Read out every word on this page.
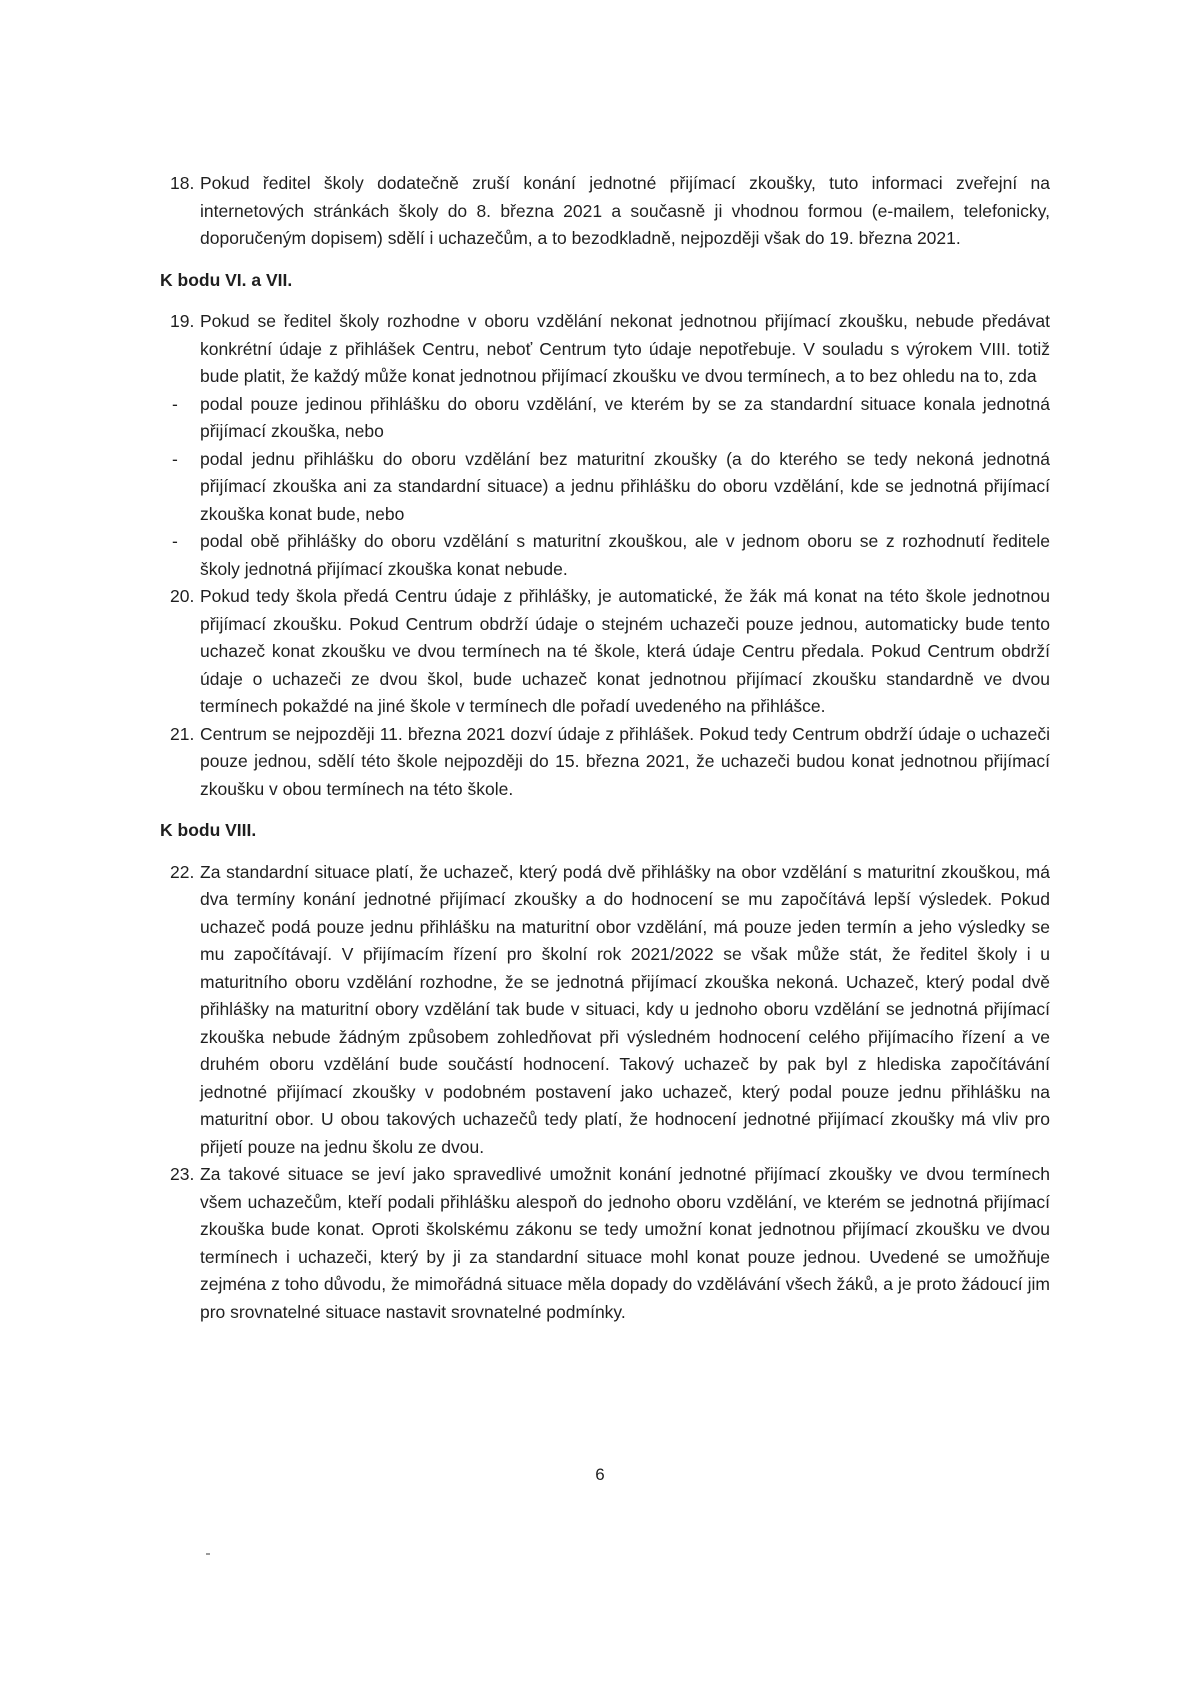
18. Pokud ředitel školy dodatečně zruší konání jednotné přijímací zkoušky, tuto informaci zveřejní na internetových stránkách školy do 8. března 2021 a současně ji vhodnou formou (e-mailem, telefonicky, doporučeným dopisem) sdělí i uchazečům, a to bezodkladně, nejpozději však do 19. března 2021.
K bodu VI. a VII.
19. Pokud se ředitel školy rozhodne v oboru vzdělání nekonat jednotnou přijímací zkoušku, nebude předávat konkrétní údaje z přihlášek Centru, neboť Centrum tyto údaje nepotřebuje. V souladu s výrokem VIII. totiž bude platit, že každý může konat jednotnou přijímací zkoušku ve dvou termínech, a to bez ohledu na to, zda
-	podal pouze jedinou přihlášku do oboru vzdělání, ve kterém by se za standardní situace konala jednotná přijímací zkouška, nebo
-	podal jednu přihlášku do oboru vzdělání bez maturitní zkoušky (a do kterého se tedy nekoná jednotná přijímací zkouška ani za standardní situace) a jednu přihlášku do oboru vzdělání, kde se jednotná přijímací zkouška konat bude, nebo
-	podal obě přihlášky do oboru vzdělání s maturitní zkouškou, ale v jednom oboru se z rozhodnutí ředitele školy jednotná přijímací zkouška konat nebude.
20. Pokud tedy škola předá Centru údaje z přihlášky, je automatické, že žák má konat na této škole jednotnou přijímací zkoušku. Pokud Centrum obdrží údaje o stejném uchazeči pouze jednou, automaticky bude tento uchazeč konat zkoušku ve dvou termínech na té škole, která údaje Centru předala. Pokud Centrum obdrží údaje o uchazeči ze dvou škol, bude uchazeč konat jednotnou přijímací zkoušku standardně ve dvou termínech pokaždé na jiné škole v termínech dle pořadí uvedeného na přihlášce.
21. Centrum se nejpozději 11. března 2021 dozví údaje z přihlášek. Pokud tedy Centrum obdrží údaje o uchazeči pouze jednou, sdělí této škole nejpozději do 15. března 2021, že uchazeči budou konat jednotnou přijímací zkoušku v obou termínech na této škole.
K bodu VIII.
22. Za standardní situace platí, že uchazeč, který podá dvě přihlášky na obor vzdělání s maturitní zkouškou, má dva termíny konání jednotné přijímací zkoušky a do hodnocení se mu započítává lepší výsledek. Pokud uchazeč podá pouze jednu přihlášku na maturitní obor vzdělání, má pouze jeden termín a jeho výsledky se mu započítávají. V přijímacím řízení pro školní rok 2021/2022 se však může stát, že ředitel školy i u maturitního oboru vzdělání rozhodne, že se jednotná přijímací zkouška nekoná. Uchazeč, který podal dvě přihlášky na maturitní obory vzdělání tak bude v situaci, kdy u jednoho oboru vzdělání se jednotná přijímací zkouška nebude žádným způsobem zohledňovat při výsledném hodnocení celého přijímacího řízení a ve druhém oboru vzdělání bude součástí hodnocení. Takový uchazeč by pak byl z hlediska započítávání jednotné přijímací zkoušky v podobném postavení jako uchazeč, který podal pouze jednu přihlášku na maturitní obor. U obou takových uchazečů tedy platí, že hodnocení jednotné přijímací zkoušky má vliv pro přijetí pouze na jednu školu ze dvou.
23. Za takové situace se jeví jako spravedlivé umožnit konání jednotné přijímací zkoušky ve dvou termínech všem uchazečům, kteří podali přihlášku alespoň do jednoho oboru vzdělání, ve kterém se jednotná přijímací zkouška bude konat. Oproti školskému zákonu se tedy umožní konat jednotnou přijímací zkoušku ve dvou termínech i uchazeči, který by ji za standardní situace mohl konat pouze jednou. Uvedené se umožňuje zejména z toho důvodu, že mimořádná situace měla dopady do vzdělávání všech žáků, a je proto žádoucí jim pro srovnatelné situace nastavit srovnatelné podmínky.
6
